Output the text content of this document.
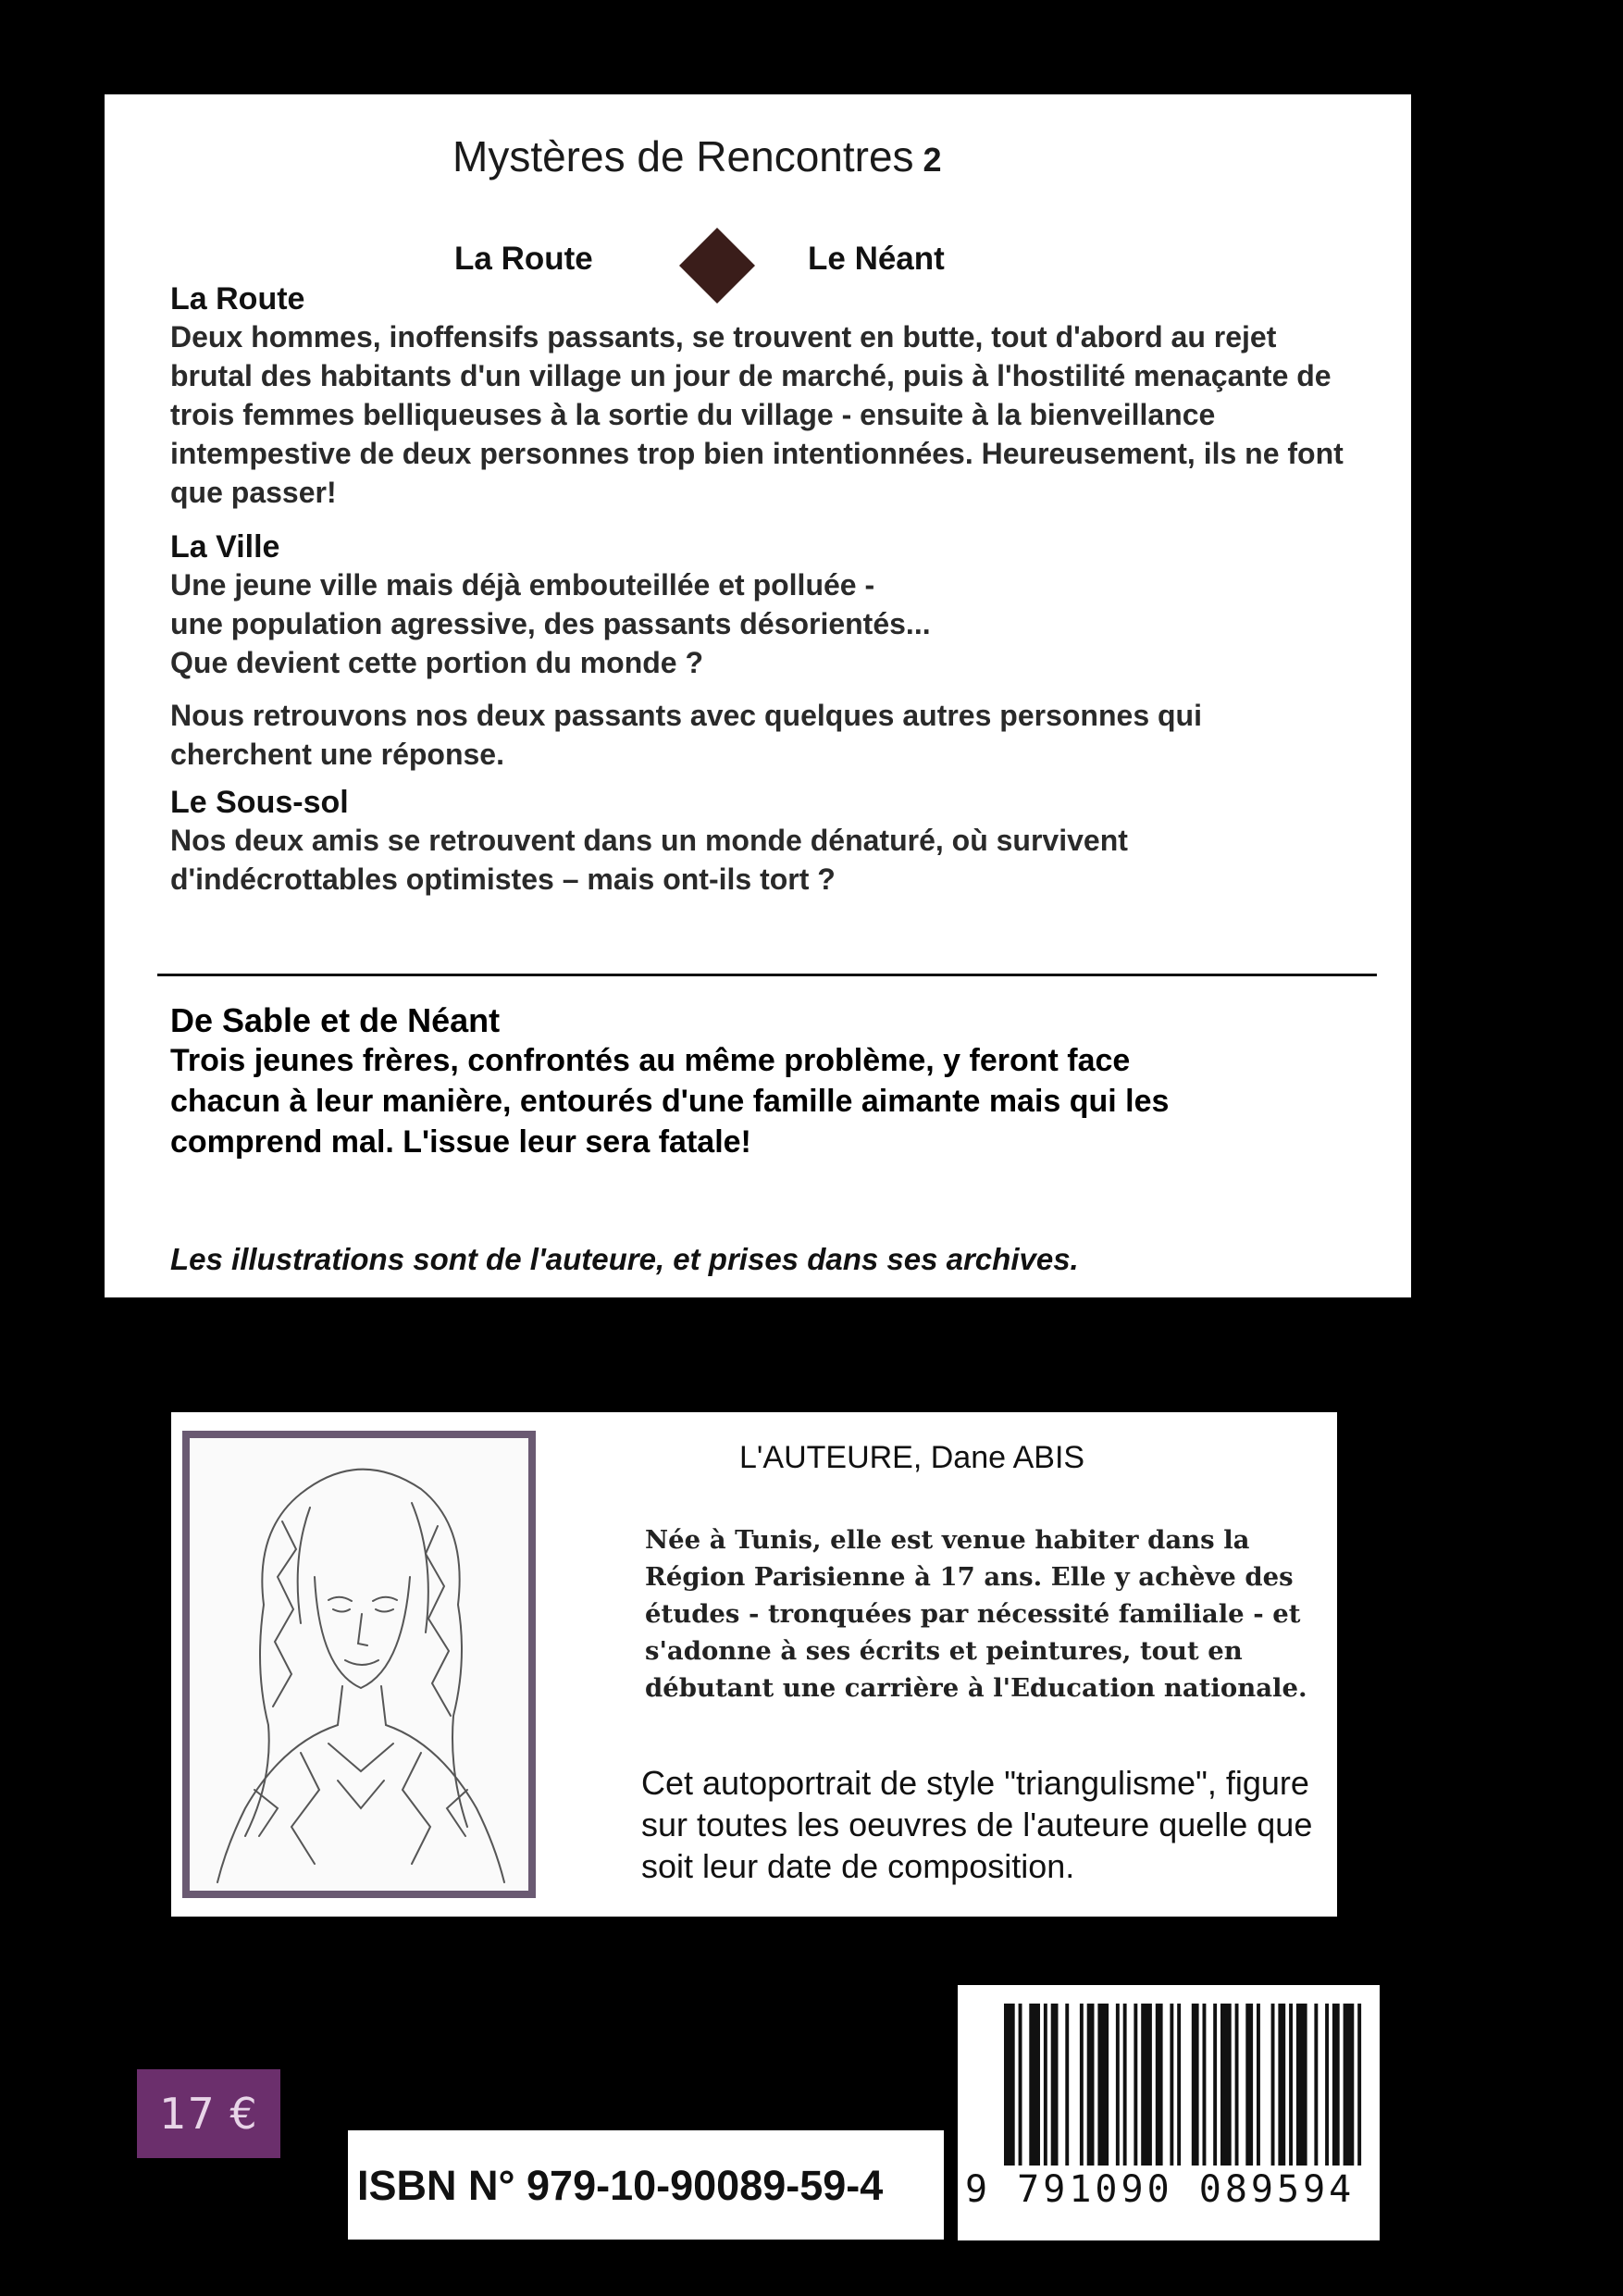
Mystères de Rencontres 2
La Route	Le Néant
La Route

Deux hommes, inoffensifs passants, se trouvent en butte, tout d'abord au rejet brutal des habitants d'un village un jour de marché, puis à l'hostilité menaçante de trois femmes belliqueuses à la sortie du village - ensuite à la bienveillance intempestive de deux personnes trop bien intentionnées. Heureusement, ils ne font que passer!

La Ville

Une jeune ville mais déjà embouteillée et polluée -

une population agressive, des passants désorientés...

Que devient cette portion du monde ?

Nous retrouvons nos deux passants avec quelques autres personnes qui cherchent une réponse.

Le Sous-sol

Nos deux amis se retrouvent dans un monde dénaturé, où survivent d'indécrottables optimistes – mais ont-ils tort ?

De Sable et de Néant

Trois jeunes frères, confrontés au même problème, y feront face chacun à leur manière, entourés d'une famille aimante mais qui les comprend mal. L'issue leur sera fatale!

Les illustrations sont de l'auteure, et prises dans ses archives.
L'AUTEURE, Dane ABIS

Née à Tunis, elle est venue habiter dans la Région Parisienne à 17 ans. Elle y achève des études - tronquées par nécessité familiale - et s'adonne à ses écrits et peintures, tout en débutant une carrière à l'Education nationale.

Cet autoportrait de style "triangulisme", figure sur toutes les oeuvres de l'auteure quelle que soit leur date de composition.

17 €
ISBN N° 979-10-90089-59-4 9 791090 089594
